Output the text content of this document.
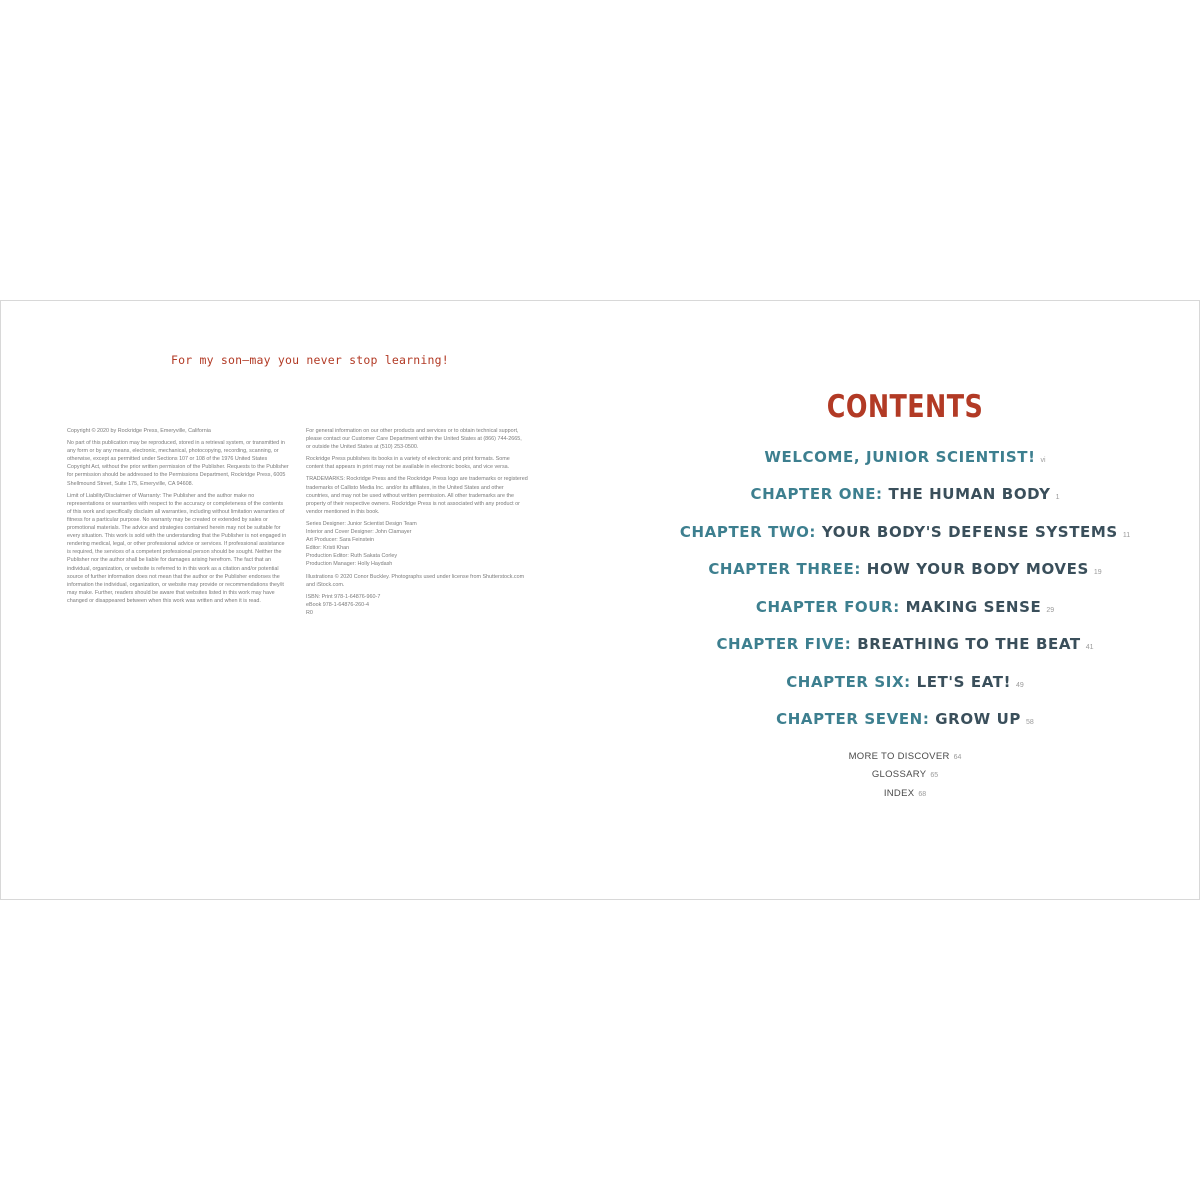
For my son—may you never stop learning!

Copyright © 2020 by Rockridge Press, Emeryville, California

No part of this publication may be reproduced, stored in a retrieval system, or transmitted in any form or by any means, electronic, mechanical, photocopying, recording, scanning, or otherwise, except as permitted under Sections 107 or 108 of the 1976 United States Copyright Act, without the prior written permission of the Publisher. Requests to the Publisher for permission should be addressed to the Permissions Department, Rockridge Press, 6005 Shellmound Street, Suite 175, Emeryville, CA 94608.

Limit of Liability/Disclaimer of Warranty: The Publisher and the author make no representations or warranties with respect to the accuracy or completeness of the contents of this work and specifically disclaim all warranties, including without limitation warranties of fitness for a particular purpose. No warranty may be created or extended by sales or promotional materials. The advice and strategies contained herein may not be suitable for every situation. This work is sold with the understanding that the Publisher is not engaged in rendering medical, legal, or other professional advice or services. If professional assistance is required, the services of a competent professional person should be sought. Neither the Publisher nor the author shall be liable for damages arising herefrom. The fact that an individual, organization, or website is referred to in this work as a citation and/or potential source of further information does not mean that the author or the Publisher endorses the information the individual, organization, or website may provide or recommendations they/it may make. Further, readers should be aware that websites listed in this work may have changed or disappeared between when this work was written and when it is read.

For general information on our other products and services or to obtain technical support, please contact our Customer Care Department within the United States at (866) 744-2665, or outside the United States at (510) 253-0500.

Rockridge Press publishes its books in a variety of electronic and print formats. Some content that appears in print may not be available in electronic books, and vice versa.

TRADEMARKS: Rockridge Press and the Rockridge Press logo are trademarks or registered trademarks of Callisto Media Inc. and/or its affiliates, in the United States and other countries, and may not be used without written permission. All other trademarks are the property of their respective owners. Rockridge Press is not associated with any product or vendor mentioned in this book.

Series Designer: Junior Scientist Design Team
Interior and Cover Designer: John Clamayer
Art Producer: Sara Feinstein
Editor: Kristi Khan
Production Editor: Ruth Sakata Corley
Production Manager: Holly Haydash

Illustrations © 2020 Conor Buckley. Photographs used under license from Shutterstock.com and iStock.com.

ISBN: Print 978-1-64876-960-7
eBook 978-1-64876-260-4
R0

CONTENTS
WELCOME, JUNIOR SCIENTIST! vi
CHAPTER ONE: THE HUMAN BODY 1
CHAPTER TWO: YOUR BODY'S DEFENSE SYSTEMS 11
CHAPTER THREE: HOW YOUR BODY MOVES 19
CHAPTER FOUR: MAKING SENSE 29
CHAPTER FIVE: BREATHING TO THE BEAT 41
CHAPTER SIX: LET'S EAT! 49
CHAPTER SEVEN: GROW UP 58
MORE TO DISCOVER 64
GLOSSARY 65
INDEX 68
